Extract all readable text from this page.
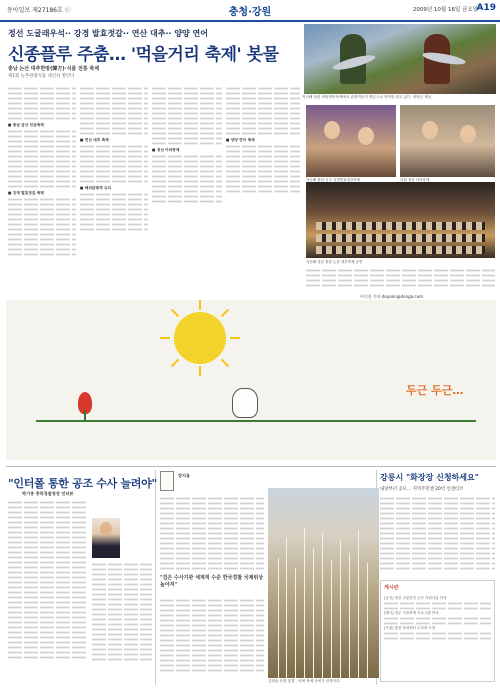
동아일보 제27186호 ⓒ	충청·강원	2009년 10월 16일 금요일
A19
정선 도굴래우석·· 강경 발효젓갈·· 연산 대추·· 양양 연어
신종플루 주춤… '먹을거리 축제' 봇물
지난해 열린 양양연어축제에서 관광객들이 맨손으로 연어를 잡고 있다. 양양군 제공
충남 논산 대추한방(韓方)·식품 전통 축제
제1회 농촌관광식품 대신차 열린다
■ 충남 금산 인삼축제
■ 강경 발효젓갈 축제
■ 연산 대추 축제
■ 해외관광객 유치
■ 정선 아리랑제
■ 양양 연어 축제
지난해 충남 공주 강경발효젓갈축제	강원 정선 아리랑제
지난해 열린 충남 논산 대추축제 공연
이기진 기자 doyoon@donga.com
두근 두근…
"인터폴 통한 공조 수사 늘려야"
박기중 충북경찰청장 인터뷰
장지용
"검은 수사기관 세계적 수준 한국경찰 국제위상 높아져"
갈대숲 은빛 물결 - 억새 축제 준비가 한창이다.
강릉시 "화장장 신청하세요"
내달부터 공모… 지역주민엔 20억 인센티브
게시판
[공지] 대전 교통안전 공단 지원사업 안내
[행사] 청주 가을축제 프로그램 안내
[모집] 춘천 문화센터 수강생 모집
